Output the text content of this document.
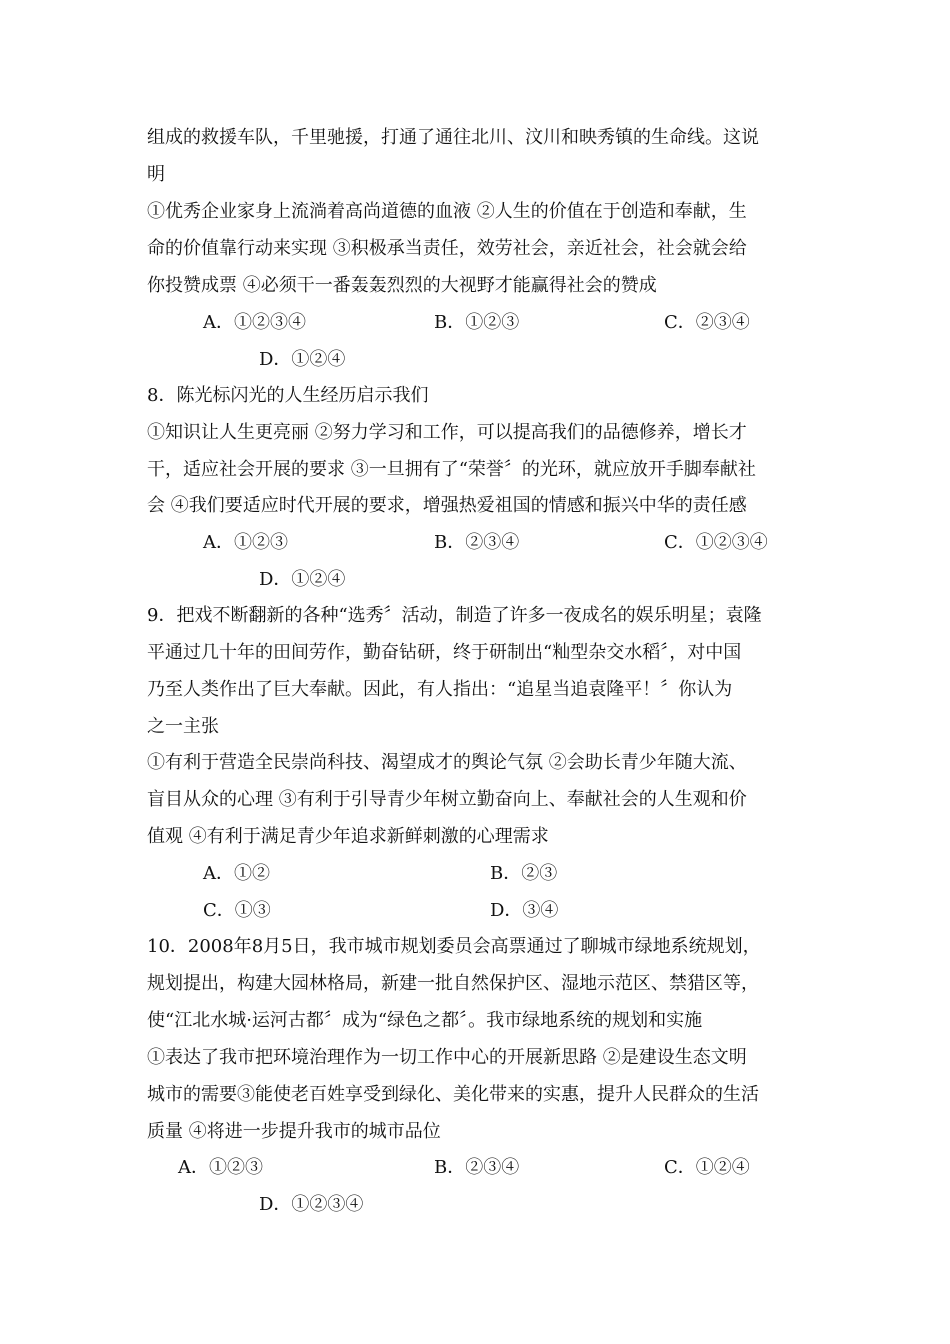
组成的救援车队，千里驰援，打通了通往北川、汶川和映秀镇的生命线。这说
明
①优秀企业家身上流淌着高尚道德的血液 ②人生的价值在于创造和奉献，生
命的价值靠行动来实现 ③积极承当责任，效劳社会，亲近社会，社会就会给
你投赞成票 ④必须干一番轰轰烈烈的大视野才能赢得社会的赞成
A．①②③④	B．①②③	C．②③④
D．①②④
8．陈光标闪光的人生经历启示我们
①知识让人生更亮丽 ②努力学习和工作，可以提高我们的品德修养，增长才
干，适应社会开展的要求 ③一旦拥有了“荣誉〞的光环，就应放开手脚奉献社
会 ④我们要适应时代开展的要求，增强热爱祖国的情感和振兴中华的责任感
A．①②③	B．②③④	C．①②③④
D．①②④
9．把戏不断翻新的各种“选秀〞活动，制造了许多一夜成名的娱乐明星；袁隆
平通过几十年的田间劳作，勤奋钻研，终于研制出“籼型杂交水稻〞，对中国
乃至人类作出了巨大奉献。因此，有人指出：“追星当追袁隆平！〞你认为
之一主张
①有利于营造全民崇尚科技、渴望成才的舆论气氛 ②会助长青少年随大流、
盲目从众的心理 ③有利于引导青少年树立勤奋向上、奉献社会的人生观和价
值观 ④有利于满足青少年追求新鲜刺激的心理需求
A．①②	B．②③
C．①③	D．③④
10．2008年8月5日，我市城市规划委员会高票通过了聊城市绿地系统规划，
规划提出，构建大园林格局，新建一批自然保护区、湿地示范区、禁猎区等，
使“江北水城·运河古都〞成为“绿色之都〞。我市绿地系统的规划和实施
①表达了我市把环境治理作为一切工作中心的开展新思路 ②是建设生态文明
城市的需要③能使老百姓享受到绿化、美化带来的实惠，提升人民群众的生活
质量 ④将进一步提升我市的城市品位
A．①②③	B．②③④	C．①②④
D．①②③④
